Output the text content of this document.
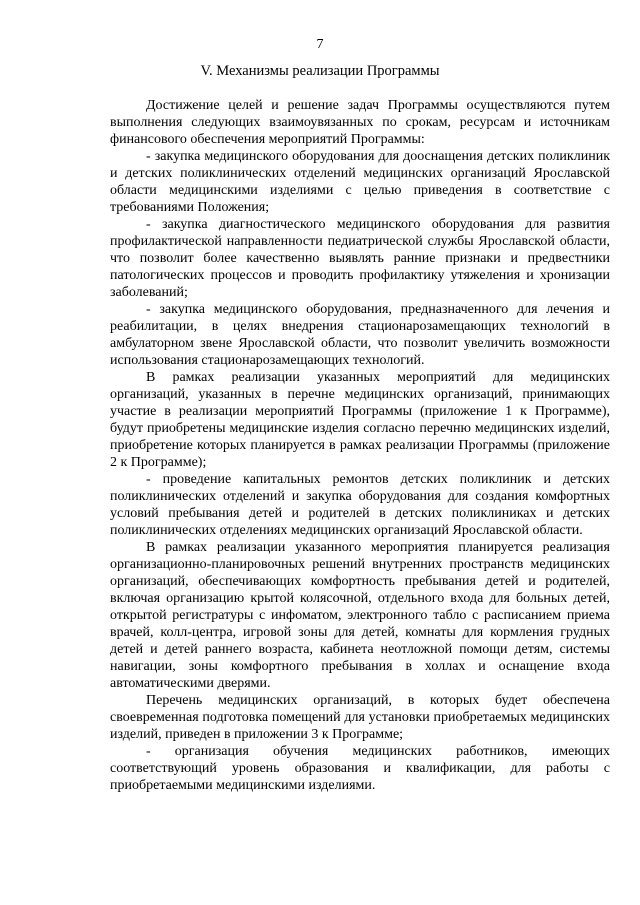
7
V. Механизмы реализации Программы

Достижение целей и решение задач Программы осуществляются путем выполнения следующих взаимоувязанных по срокам, ресурсам и источникам финансового обеспечения мероприятий Программы:

- закупка медицинского оборудования для дооснащения детских поликлиник и детских поликлинических отделений медицинских организаций Ярославской области медицинскими изделиями с целью приведения в соответствие с требованиями Положения;

- закупка диагностического медицинского оборудования для развития профилактической направленности педиатрической службы Ярославской области, что позволит более качественно выявлять ранние признаки и предвестники патологических процессов и проводить профилактику утяжеления и хронизации заболеваний;

- закупка медицинского оборудования, предназначенного для лечения и реабилитации, в целях внедрения стационарозамещающих технологий в амбулаторном звене Ярославской области, что позволит увеличить возможности использования стационарозамещающих технологий.

В рамках реализации указанных мероприятий для медицинских организаций, указанных в перечне медицинских организаций, принимающих участие в реализации мероприятий Программы (приложение 1 к Программе), будут приобретены медицинские изделия согласно перечню медицинских изделий, приобретение которых планируется в рамках реализации Программы (приложение 2 к Программе);

- проведение капитальных ремонтов детских поликлиник и детских поликлинических отделений и закупка оборудования для создания комфортных условий пребывания детей и родителей в детских поликлиниках и детских поликлинических отделениях медицинских организаций Ярославской области.

В рамках реализации указанного мероприятия планируется реализация организационно-планировочных решений внутренних пространств медицинских организаций, обеспечивающих комфортность пребывания детей и родителей, включая организацию крытой колясочной, отдельного входа для больных детей, открытой регистратуры с инфоматом, электронного табло с расписанием приема врачей, колл-центра, игровой зоны для детей, комнаты для кормления грудных детей и детей раннего возраста, кабинета неотложной помощи детям, системы навигации, зоны комфортного пребывания в холлах и оснащение входа автоматическими дверями.

Перечень медицинских организаций, в которых будет обеспечена своевременная подготовка помещений для установки приобретаемых медицинских изделий, приведен в приложении 3 к Программе;

- организация обучения медицинских работников, имеющих соответствующий уровень образования и квалификации, для работы с приобретаемыми медицинскими изделиями.
